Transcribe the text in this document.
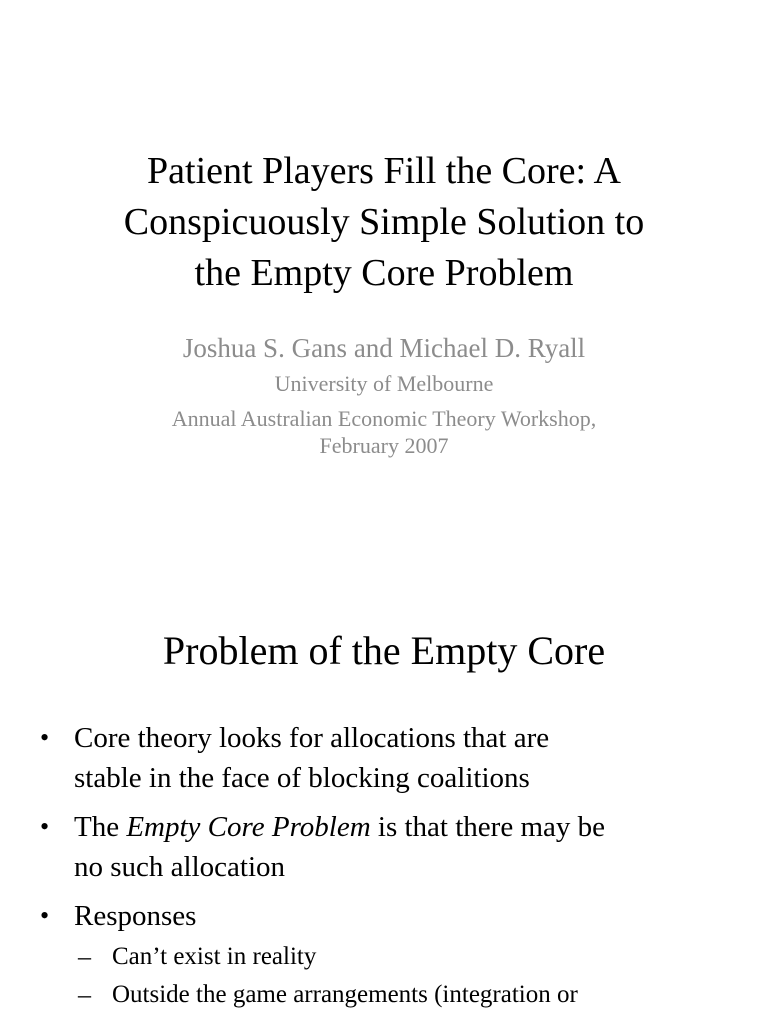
Patient Players Fill the Core: A
Conspicuously Simple Solution to
the Empty Core Problem

Joshua S. Gans and Michael D. Ryall

University of Melbourne

Annual Australian Economic Theory Workshop,
February 2007

Problem of the Empty Core
• Core theory looks for allocations that are
stable in the face of blocking coalitions
• The Empty Core Problem is that there may be
no such allocation
• Responses
– Can’t exist in reality
– Outside the game arrangements (integration or
